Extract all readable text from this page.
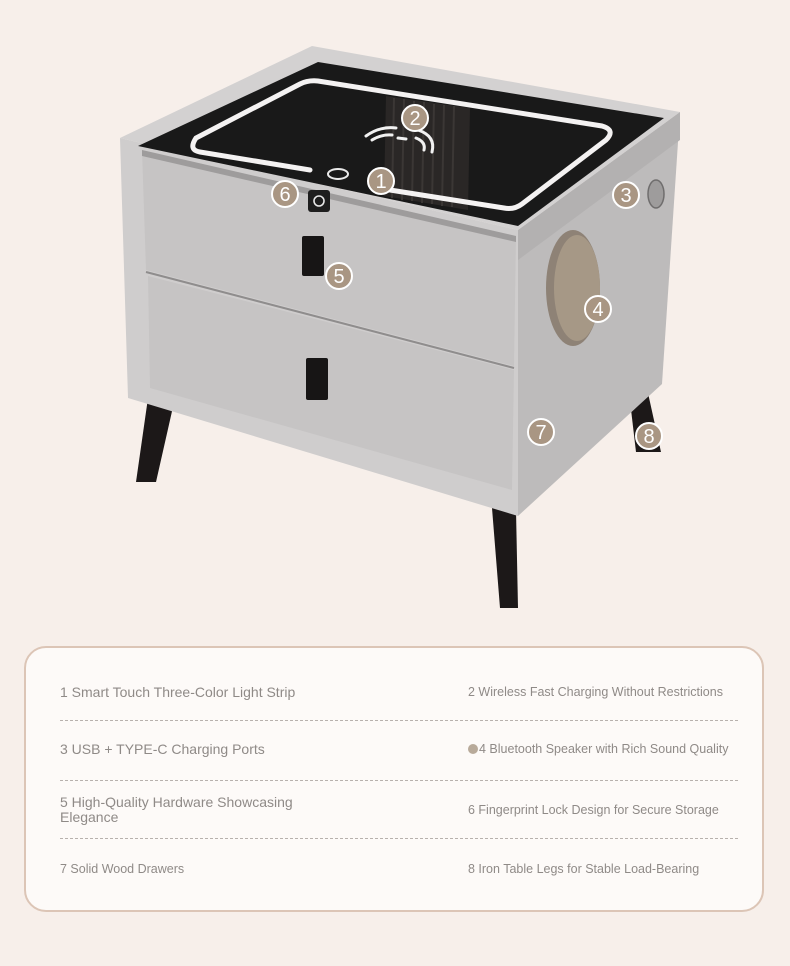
1
2
3
4
5
6
7	8
1 Smart Touch Three-Color Light Strip	2 Wireless Fast Charging Without Restrictions
3 USB + TYPE-C Charging Ports	4 Bluetooth Speaker with Rich Sound Quality
5 High-Quality Hardware Showcasing Elegance	6 Fingerprint Lock Design for Secure Storage
7 Solid Wood Drawers	8 Iron Table Legs for Stable Load-Bearing
